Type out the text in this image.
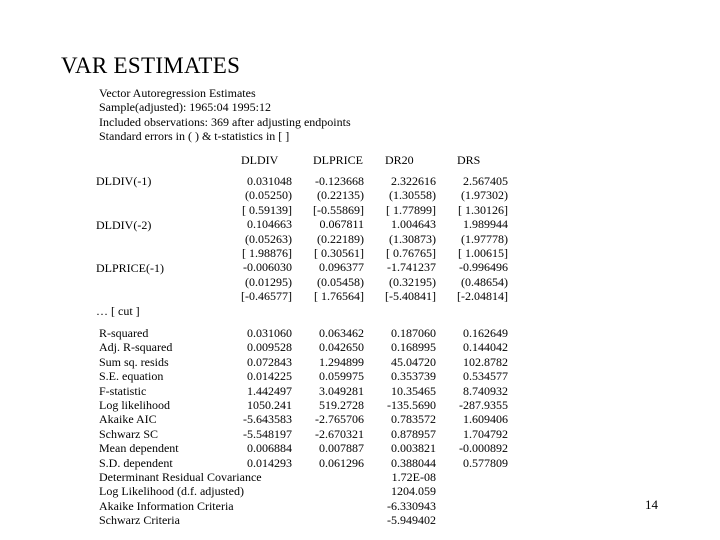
VAR ESTIMATES
Vector Autoregression Estimates
Sample(adjusted): 1965:04 1995:12
Included observations: 369 after adjusting endpoints
Standard errors in ( ) & t-statistics in [ ]
DLDIV	DLPRICE DR20	DRS
DLDIV(-1)
DLDIV(-2)
DLPRICE(-1)
… [ cut ]
0.031048
(0.05250)
[ 0.59139]
0.104663
(0.05263)
[ 1.98876]
-0.006030
(0.01295)
[-0.46577]
-0.123668
(0.22135)
[-0.55869]
0.067811
(0.22189)
[ 0.30561]
0.096377
(0.05458)
[ 1.76564]
2.322616
(1.30558)
[ 1.77899]
1.004643
(1.30873)
[ 0.76765]
-1.741237
(0.32195)
[-5.40841]
2.567405
(1.97302)
[ 1.30126]
1.989944
(1.97778)
[ 1.00615]
-0.996496
(0.48654)
[-2.04814]
R-squared
Adj. R-squared
Sum sq. resids
S.E. equation
F-statistic
Log likelihood
Akaike AIC
Schwarz SC
Mean dependent
S.D. dependent
Determinant Residual Covariance
Log Likelihood (d.f. adjusted)
Akaike Information Criteria
Schwarz Criteria
0.031060
0.009528
0.072843
0.014225
1.442497
1050.241
-5.643583
-5.548197
0.006884
0.014293
0.063462
0.042650
1.294899
0.059975
3.049281
519.2728
-2.765706
-2.670321
0.007887
0.061296
0.187060
0.168995
45.04720
0.353739
10.35465
-135.5690
0.783572
0.878957
0.003821
0.388044
1.72E-08
1204.059
-6.330943
-5.949402
0.162649
0.144042
102.8782
0.534577
8.740932
-287.9355
1.609406
1.704792
-0.000892
0.577809
14
